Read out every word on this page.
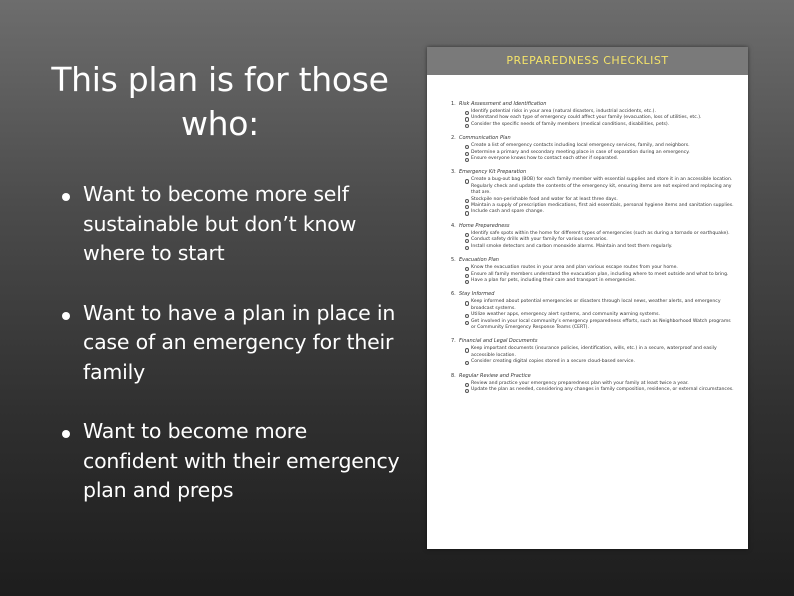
This plan is for those who:
Want to become more self sustainable but don’t know where to start
Want to have a plan in place in case of an emergency for their family
Want to become more confident with their emergency plan and preps
PREPAREDNESS CHECKLIST
1. Risk Assessment and Identification
Identify potential risks in your area (natural disasters, industrial accidents, etc.).
Understand how each type of emergency could affect your family (evacuation, loss of utilities, etc.).
Consider the specific needs of family members (medical conditions, disabilities, pets).
2. Communication Plan
Create a list of emergency contacts including local emergency services, family, and neighbors.
Determine a primary and secondary meeting place in case of separation during an emergency.
Ensure everyone knows how to contact each other if separated.
3. Emergency Kit Preparation
Create a bug-out bag (BOB) for each family member with essential supplies and store it in an accessible location. Regularly check and update the contents of the emergency kit, ensuring items are not expired and replacing any that are.
Stockpile non-perishable food and water for at least three days.
Maintain a supply of prescription medications, first aid essentials, personal hygiene items and sanitation supplies.
Include cash and spare change.
4. Home Preparedness
Identify safe spots within the home for different types of emergencies (such as during a tornado or earthquake).
Conduct safety drills with your family for various scenarios.
Install smoke detectors and carbon monoxide alarms. Maintain and test them regularly.
5. Evacuation Plan
Know the evacuation routes in your area and plan various escape routes from your home.
Ensure all family members understand the evacuation plan, including where to meet outside and what to bring.
Have a plan for pets, including their care and transport in emergencies.
6. Stay Informed
Keep informed about potential emergencies or disasters through local news, weather alerts, and emergency broadcast systems.
Utilize weather apps, emergency alert systems, and community warning systems.
Get involved in your local community’s emergency preparedness efforts, such as Neighborhood Watch programs or Community Emergency Response Teams (CERT).
7. Financial and Legal Documents
Keep important documents (insurance policies, identification, wills, etc.) in a secure, waterproof and easily accessible location.
Consider creating digital copies stored in a secure cloud-based service.
8. Regular Review and Practice
Review and practice your emergency preparedness plan with your family at least twice a year.
Update the plan as needed, considering any changes in family composition, residence, or external circumstances.
